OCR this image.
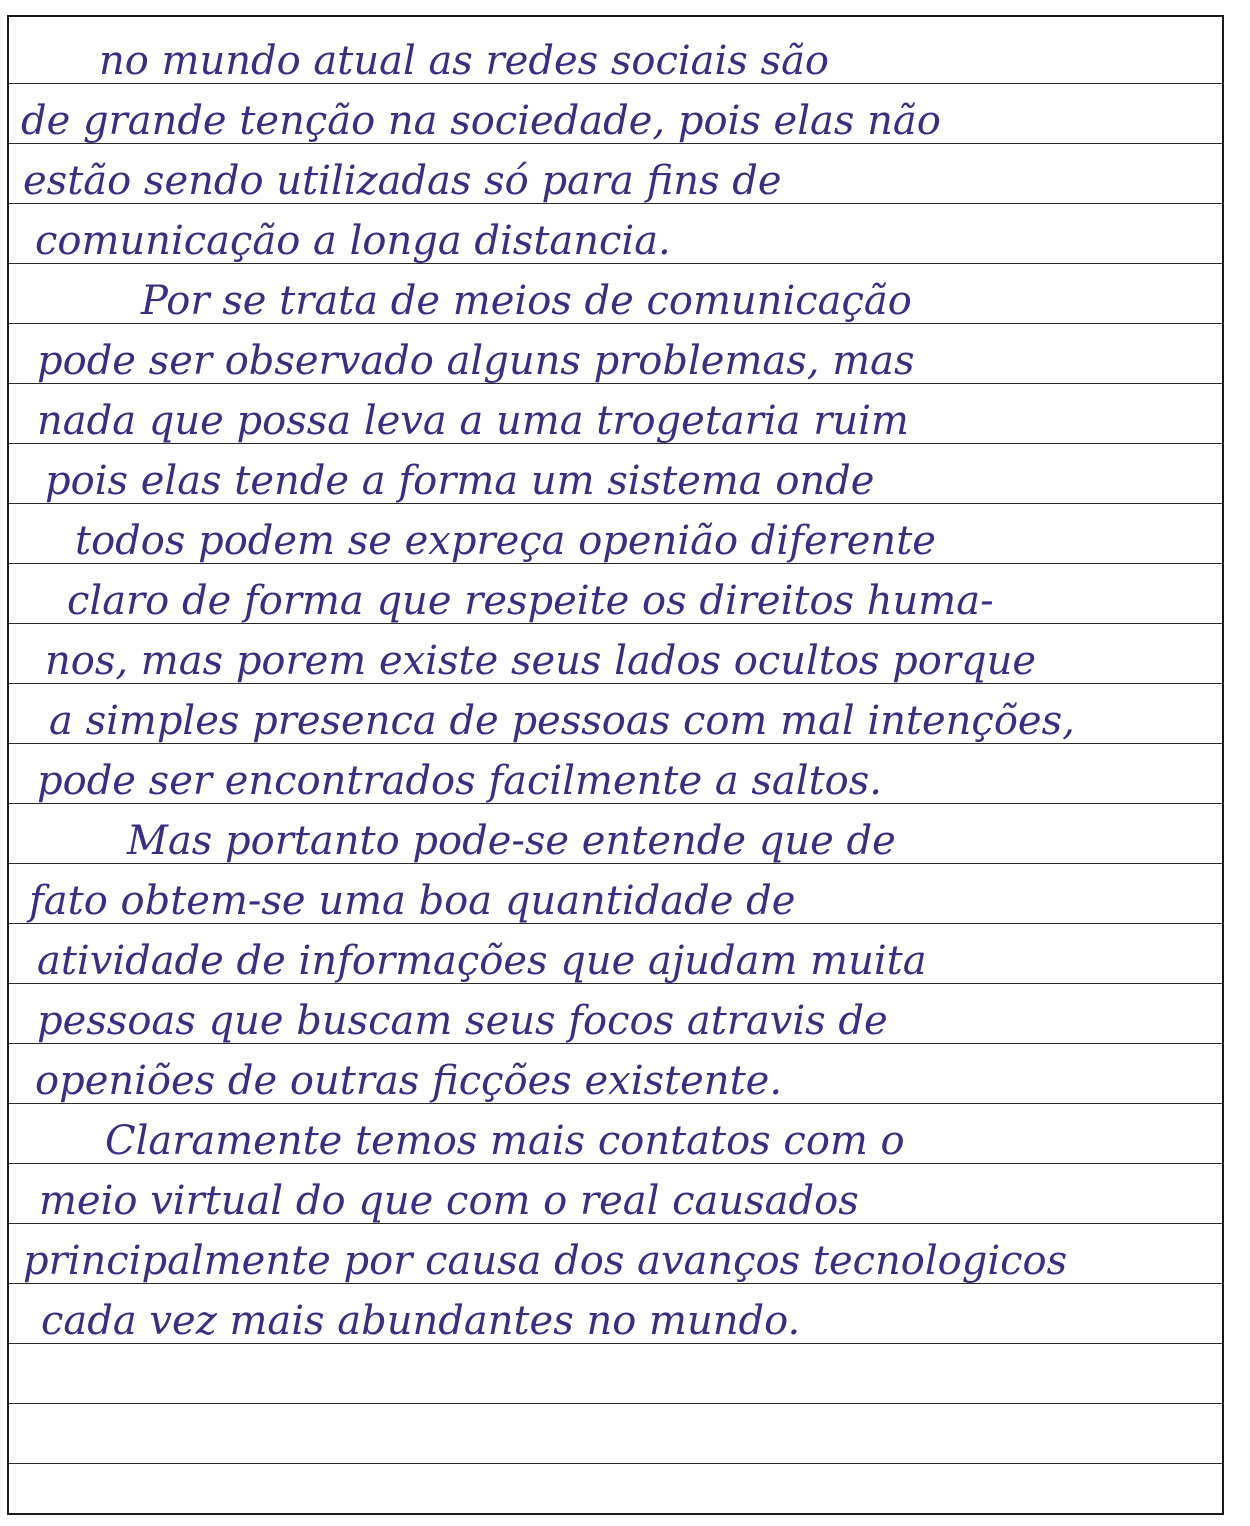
no mundo atual as redes sociais são
de grande tenção na sociedade, pois elas não
estão sendo utilizadas só para fins de
comunicação a longa distancia.
Por se trata de meios de comunicação
pode ser observado alguns problemas, mas
nada que possa leva a uma trogetaria ruim
pois elas tende a forma um sistema onde
todos podem se expreça openião diferente
claro de forma que respeite os direitos huma-
nos, mas porem existe seus lados ocultos porque
a simples presenca de pessoas com mal intenções,
pode ser encontrados facilmente a saltos.
Mas portanto pode-se entende que de
fato obtem-se uma boa quantidade de
atividade de informações que ajudam muita
pessoas que buscam seus focos atravis de
openiões de outras ficções existente.
Claramente temos mais contatos com o
meio virtual do que com o real causados
principalmente por causa dos avanços tecnologicos
cada vez mais abundantes no mundo.
